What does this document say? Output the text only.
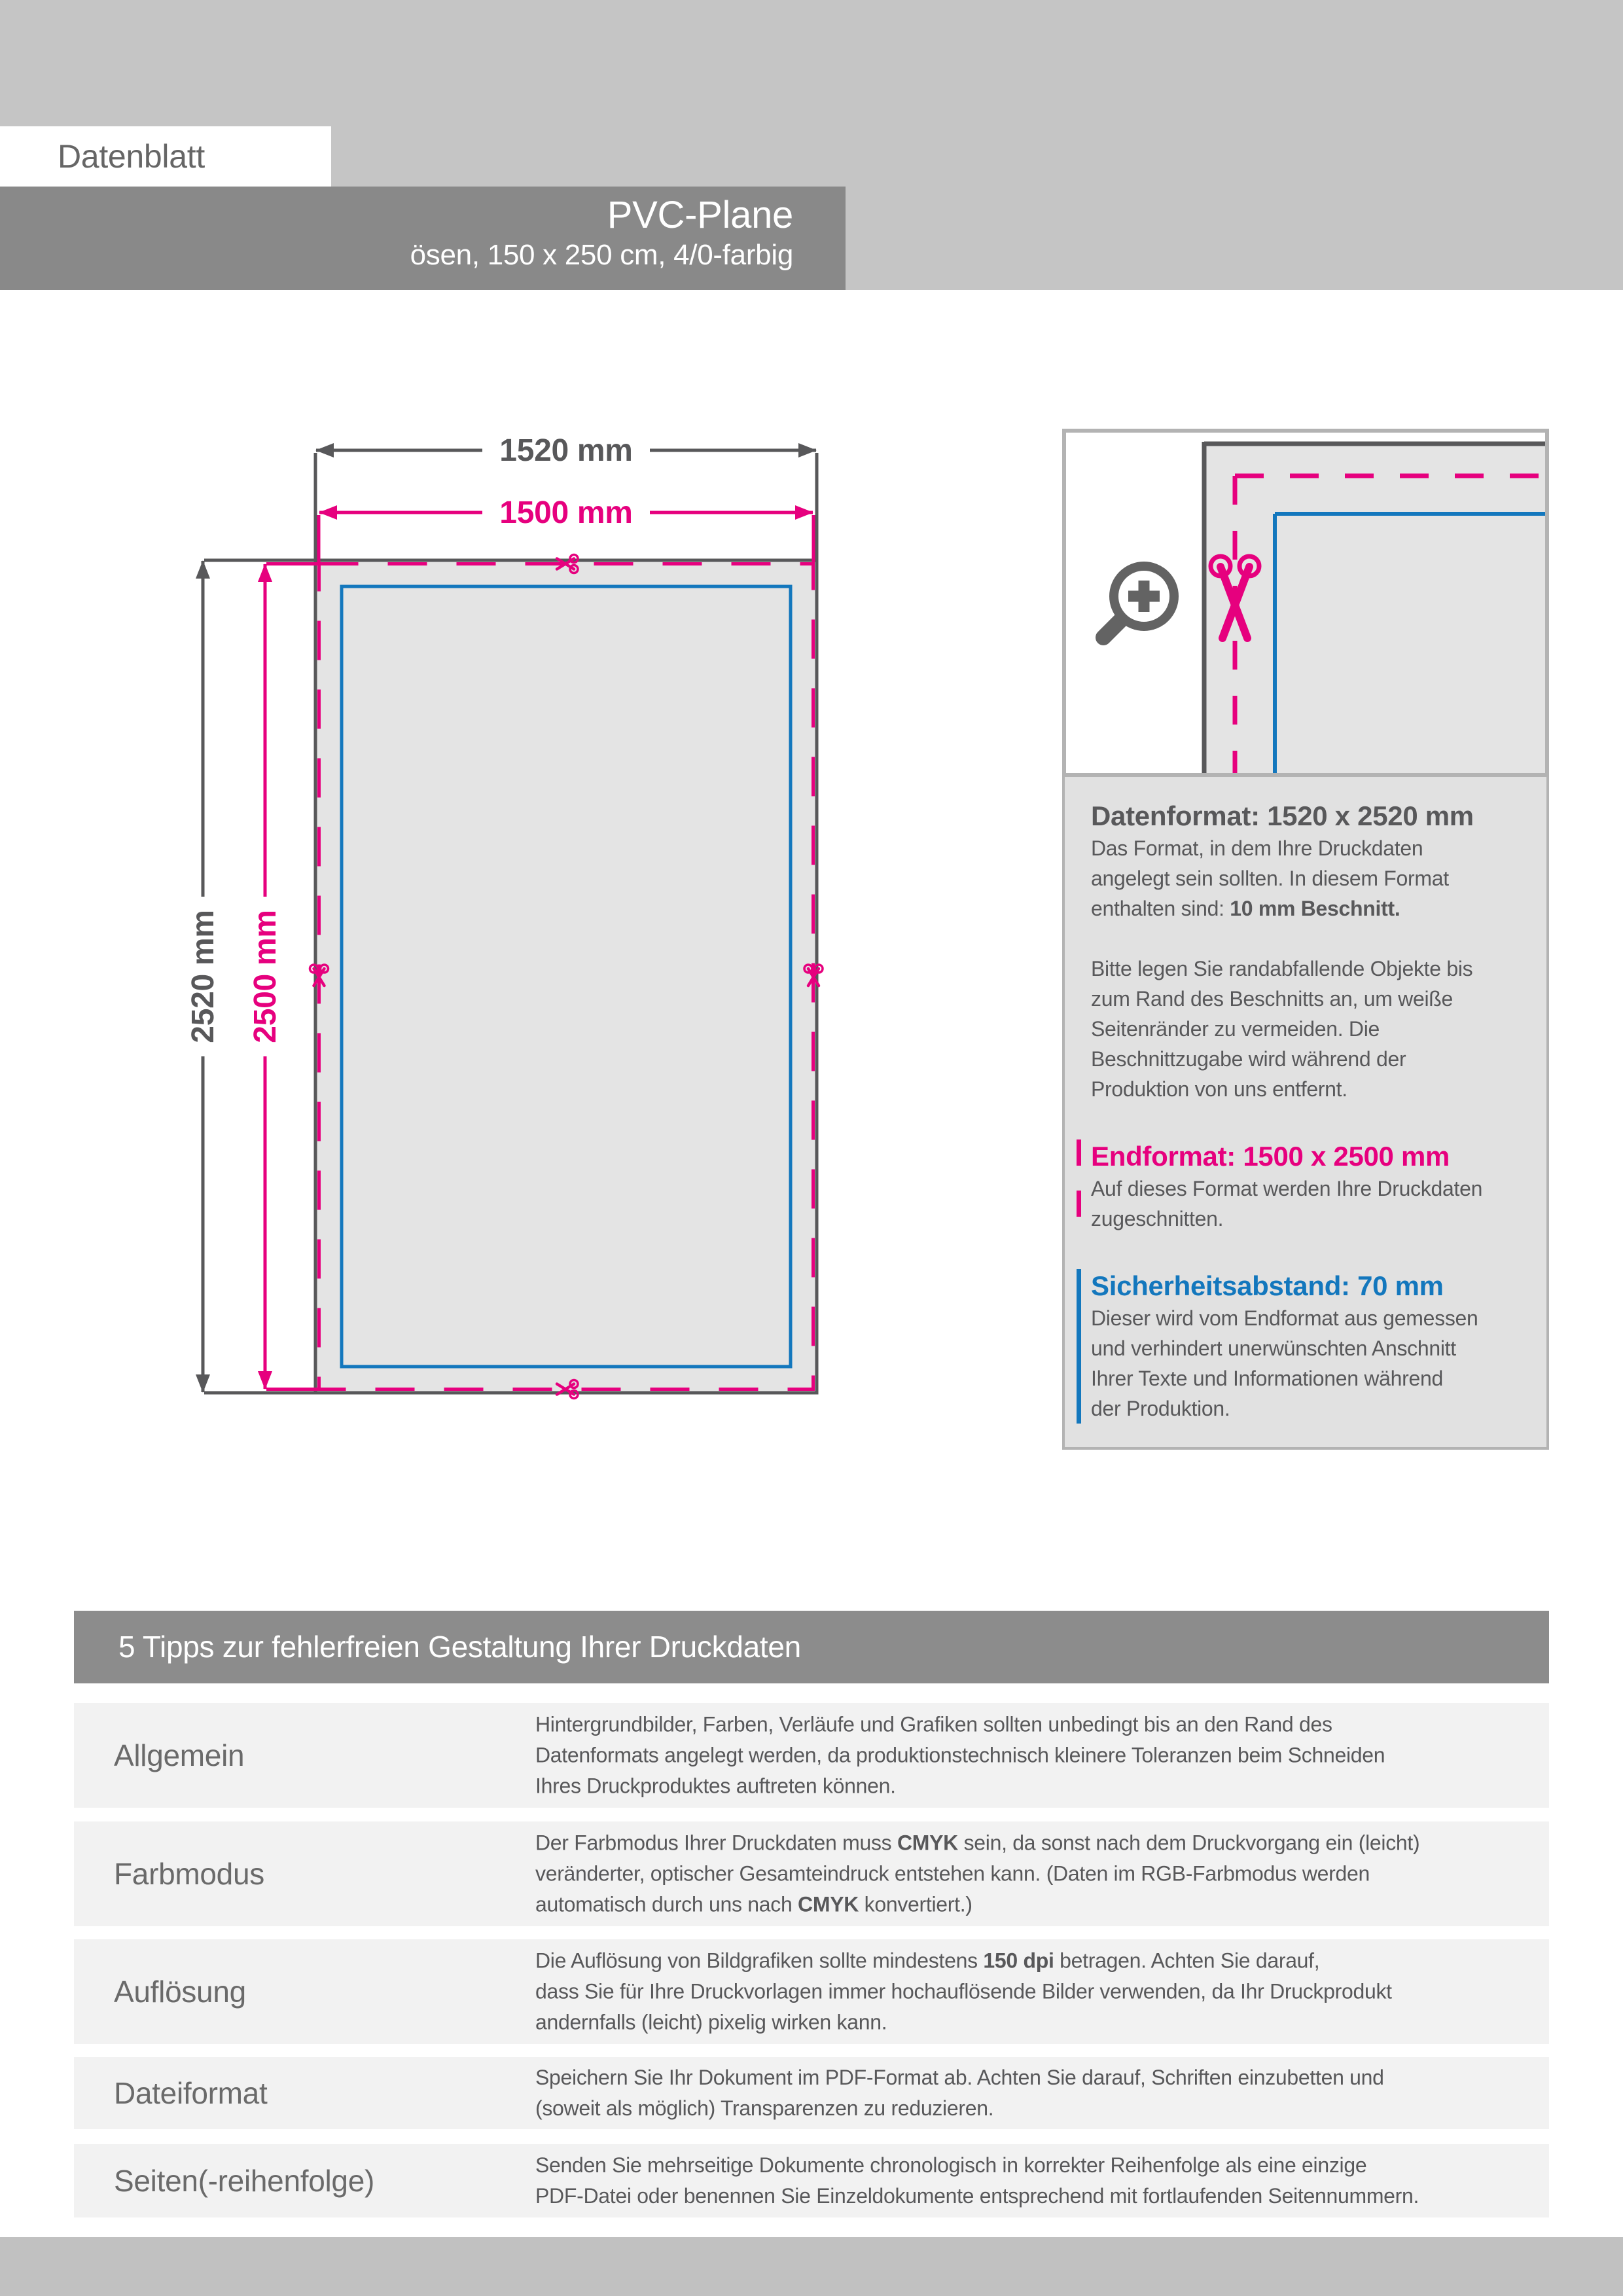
Datenblatt
PVC-Plane
ösen, 150 x 250 cm, 4/0-farbig
1520 mm
1500 mm
2520 mm 2500 mm
Datenformat: 1520 x 2520 mm
Das Format, in dem Ihre Druckdaten
angelegt sein sollten. In diesem Format
enthalten sind: 10 mm Beschnitt.
Bitte legen Sie randabfallende Objekte bis
zum Rand des Beschnitts an, um weiße
Seitenränder zu vermeiden. Die
Beschnittzugabe wird während der
Produktion von uns entfernt.
Endformat: 1500 x 2500 mm
Auf dieses Format werden Ihre Druckdaten
zugeschnitten.
Sicherheitsabstand: 70 mm
Dieser wird vom Endformat aus gemessen
und verhindert unerwünschten Anschnitt
Ihrer Texte und Informationen während
der Produktion.
5 Tipps zur fehlerfreien Gestaltung Ihrer Druckdaten
Allgemein
Hintergrundbilder, Farben, Verläufe und Grafiken sollten unbedingt bis an den Rand des
Datenformats angelegt werden, da produktionstechnisch kleinere Toleranzen beim Schneiden
Ihres Druckproduktes auftreten können.
Farbmodus
Der Farbmodus Ihrer Druckdaten muss CMYK sein, da sonst nach dem Druckvorgang ein (leicht)
veränderter, optischer Gesamteindruck entstehen kann. (Daten im RGB-Farbmodus werden
automatisch durch uns nach CMYK konvertiert.)
Auflösung
Die Auflösung von Bildgrafiken sollte mindestens 150 dpi betragen. Achten Sie darauf,
dass Sie für Ihre Druckvorlagen immer hochauflösende Bilder verwenden, da Ihr Druckprodukt
andernfalls (leicht) pixelig wirken kann.
Dateiformat	Speichern Sie Ihr Dokument im PDF-Format ab. Achten Sie darauf, Schriften einzubetten und
(soweit als möglich) Transparenzen zu reduzieren.
Seiten(-reihenfolge)	Senden Sie mehrseitige Dokumente chronologisch in korrekter Reihenfolge als eine einzige
PDF-Datei oder benennen Sie Einzeldokumente entsprechend mit fortlaufenden Seitennummern.
